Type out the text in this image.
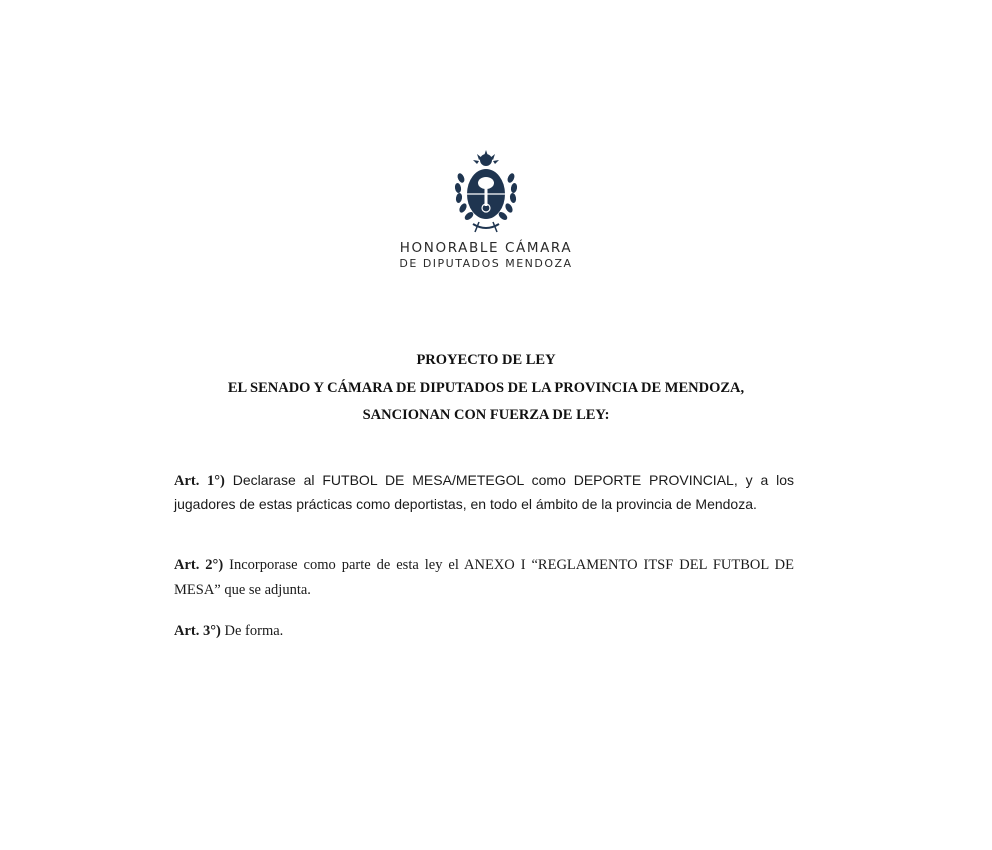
HONORABLE CÁMARA
DE DIPUTADOS MENDOZA
PROYECTO DE LEY
EL SENADO Y CÁMARA DE DIPUTADOS DE LA PROVINCIA DE MENDOZA,
SANCIONAN CON FUERZA DE LEY:
Art. 1°) Declarase al FUTBOL DE MESA/METEGOL como DEPORTE PROVINCIAL, y a los jugadores de estas prácticas como deportistas, en todo el ámbito de la provincia de Mendoza.
Art. 2°) Incorporase como parte de esta ley el ANEXO I “REGLAMENTO ITSF DEL FUTBOL DE MESA” que se adjunta.
Art. 3°) De forma.
